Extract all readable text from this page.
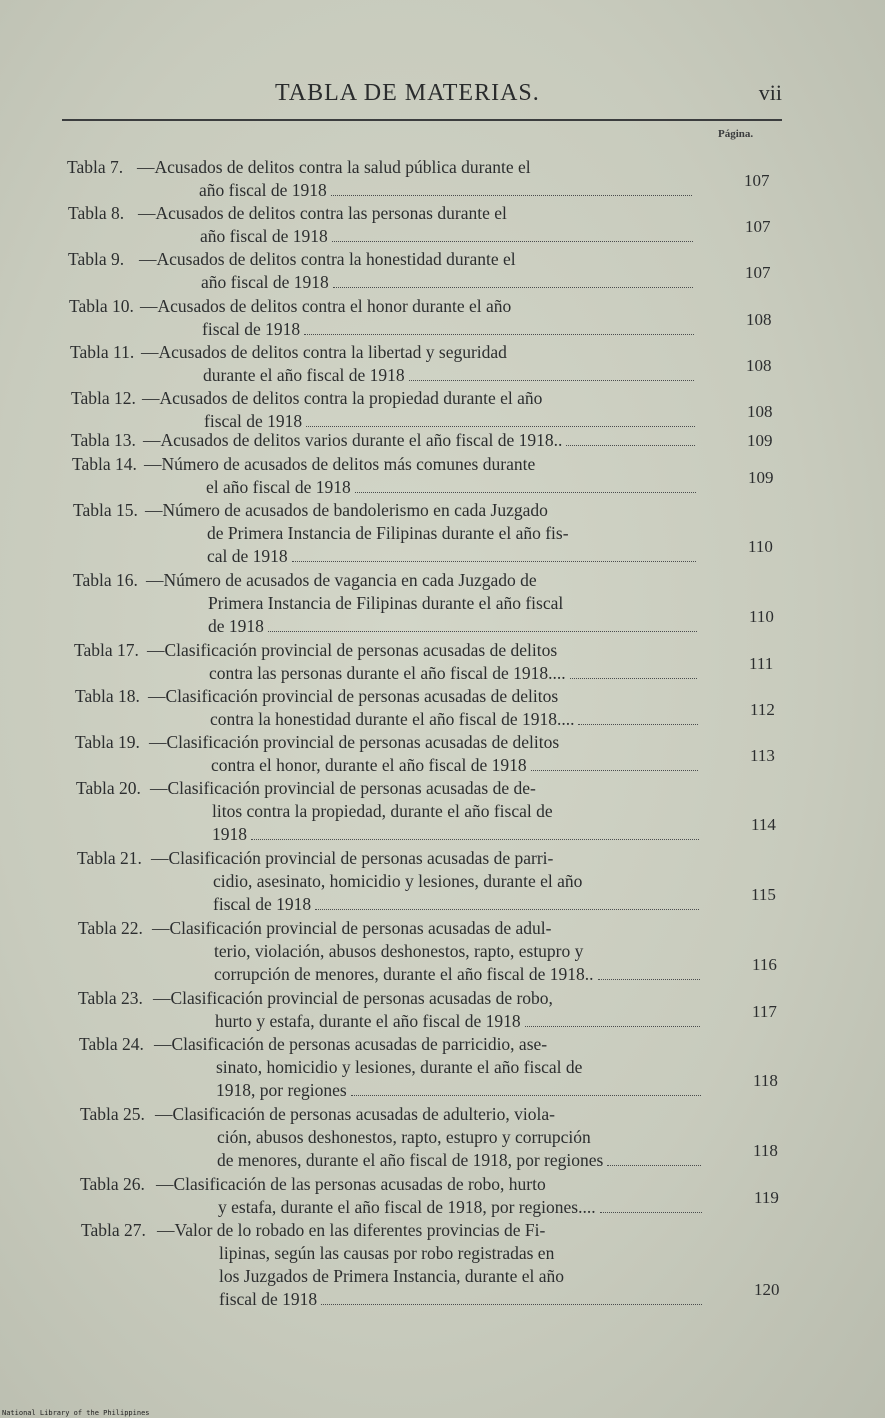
TABLA DE MATERIAS.	vii
Página.
Tabla 7. —Acusados de delitos contra la salud pública durante el
año fiscal de 1918	107
Tabla 8. —Acusados de delitos contra las personas durante el
año fiscal de 1918	107
Tabla 9. —Acusados de delitos contra la honestidad durante el
año fiscal de 1918	107
Tabla 10. —Acusados de delitos contra el honor durante el año
fiscal de 1918	108
Tabla 11. —Acusados de delitos contra la libertad y seguridad
durante el año fiscal de 1918	108
Tabla 12. —Acusados de delitos contra la propiedad durante el año
fiscal de 1918	108
Tabla 13. —Acusados de delitos varios durante el año fiscal de 1918..	109
Tabla 14. —Número de acusados de delitos más comunes durante
el año fiscal de 1918	109
Tabla 15. —Número de acusados de bandolerismo en cada Juzgado
de Primera Instancia de Filipinas durante el año fis-
cal de 1918	110
Tabla 16. —Número de acusados de vagancia en cada Juzgado de
Primera Instancia de Filipinas durante el año fiscal
de 1918	110
Tabla 17. —Clasificación provincial de personas acusadas de delitos
contra las personas durante el año fiscal de 1918....	111
Tabla 18. —Clasificación provincial de personas acusadas de delitos
contra la honestidad durante el año fiscal de 1918....	112
Tabla 19. —Clasificación provincial de personas acusadas de delitos
contra el honor, durante el año fiscal de 1918	113
Tabla 20. —Clasificación provincial de personas acusadas de de-
litos contra la propiedad, durante el año fiscal de
1918	114
Tabla 21. —Clasificación provincial de personas acusadas de parri-
cidio, asesinato, homicidio y lesiones, durante el año
fiscal de 1918	115
Tabla 22. —Clasificación provincial de personas acusadas de adul-
terio, violación, abusos deshonestos, rapto, estupro y
corrupción de menores, durante el año fiscal de 1918..	116
Tabla 23. —Clasificación provincial de personas acusadas de robo,
hurto y estafa, durante el año fiscal de 1918	117
Tabla 24. —Clasificación de personas acusadas de parricidio, ase-
sinato, homicidio y lesiones, durante el año fiscal de
1918, por regiones	118
Tabla 25. —Clasificación de personas acusadas de adulterio, viola-
ción, abusos deshonestos, rapto, estupro y corrupción
de menores, durante el año fiscal de 1918, por regiones	118
Tabla 26. —Clasificación de las personas acusadas de robo, hurto
y estafa, durante el año fiscal de 1918, por regiones....	119
Tabla 27. —Valor de lo robado en las diferentes provincias de Fi-
lipinas, según las causas por robo registradas en
los Juzgados de Primera Instancia, durante el año
fiscal de 1918	120
National Library of the Philippines
